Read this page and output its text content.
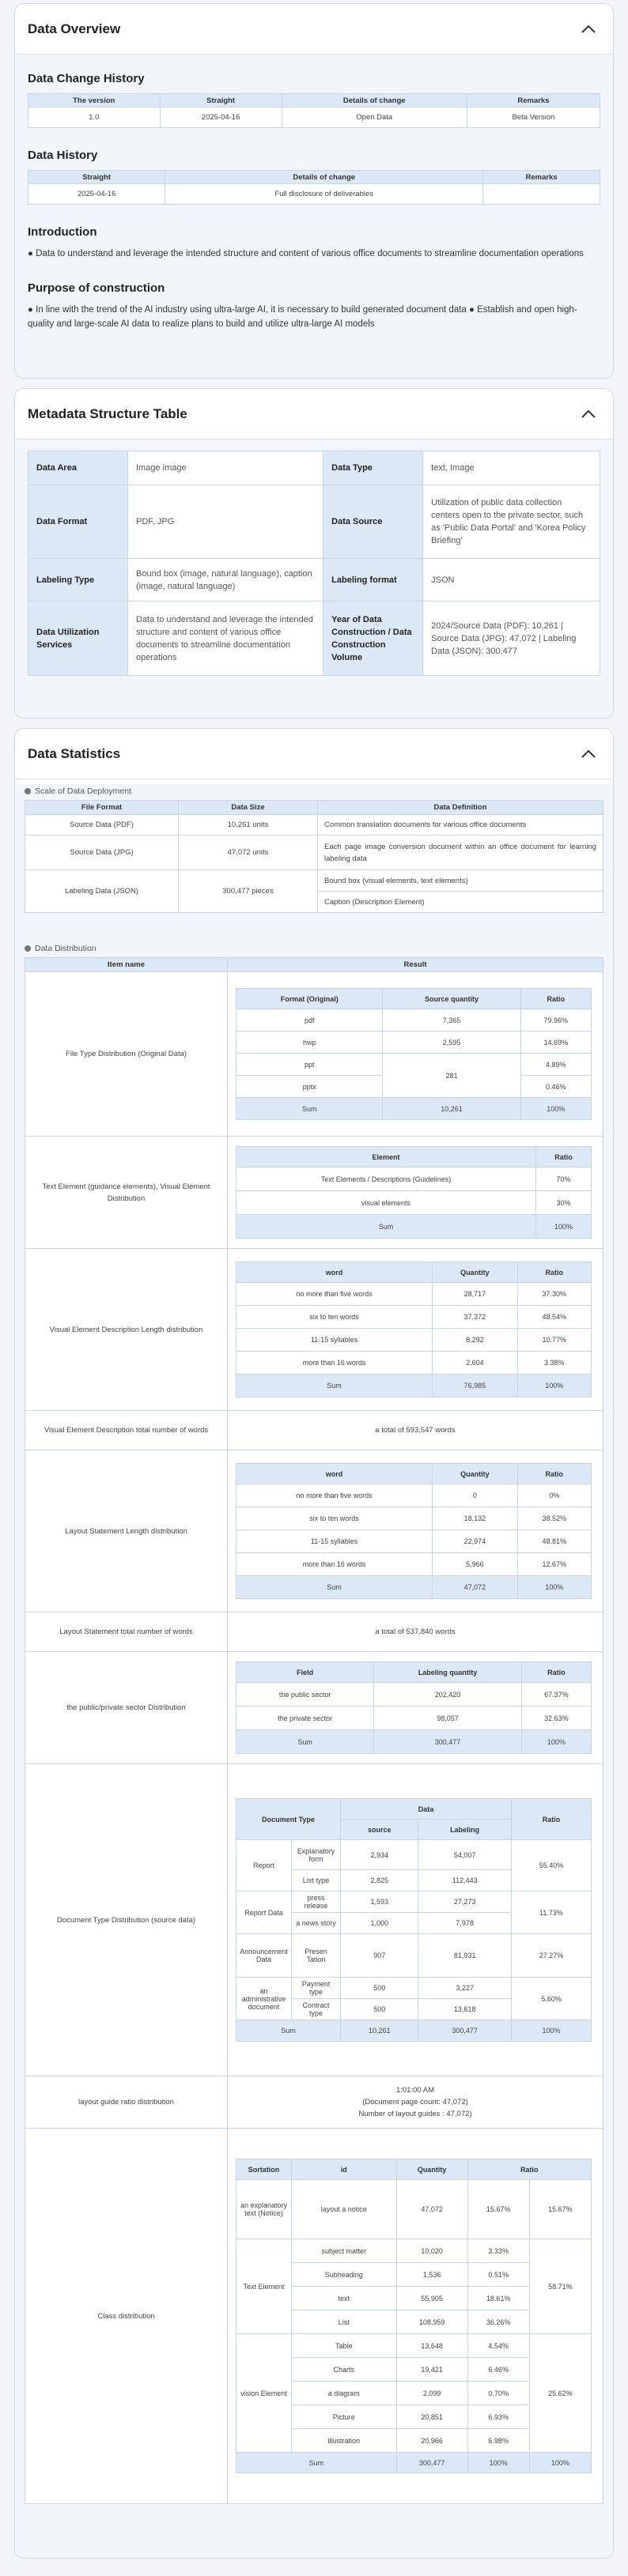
Data Overview
Data Change History
The version	Straight	Details of change	Remarks
1.0	2025-04-16	Open Data	Beta Version
Data History
Straight	Details of change	Remarks
2025-04-16	Full disclosure of deliverables	
Introduction

● Data to understand and leverage the intended structure and content of various office documents to streamline documentation operations

Purpose of construction

● In line with the trend of the AI industry using ultra-large AI, it is necessary to build generated document data ● Establish and open high-quality and large-scale AI data to realize plans to build and utilize ultra-large AI models

Metadata Structure Table
Data Area	Image image	Data Type	text, Image
Data Format	PDF, JPG	Data Source	Utilization of public data collection centers open to the private sector, such as 'Public Data Portal' and 'Korea Policy Briefing'
Labeling Type	Bound box (image, natural language), caption (image, natural language)	Labeling format	JSON
Data Utilization Services	Data to understand and leverage the intended structure and content of various office documents to streamline documentation operations	Year of Data Construction / Data Construction Volume	2024/Source Data (PDF): 10,261 | Source Data (JPG): 47,072 | Labeling Data (JSON): 300,477
Data Statistics
Scale of Data Deployment
File Format	Data Size	Data Definition
Source Data (PDF)	10,261 units	Common translation documents for various office documents
Source Data (JPG)	47,072 units	Each page image conversion document within an office document for learning labeling data
Labeling Data (JSON)	300,477 pieces	Bound box (visual elements, text elements)
		Caption (Description Element)
Data Distribution
Item name	Result
File Type Distribution (Original Data)	
Format (Original)	Source quantity	Ratio
pdf	7,365	79.96%
hwp	2,595	14.69%
ppt	281	4.89%
pptx	0.46%
Sum	10,261	100%

Text Element (guidance elements), Visual Element Distribution	
Element	Ratio
Text Elements / Descriptions (Guidelines)	70%
visual elements	30%
Sum	100%

Visual Element Description Length distribution	
word	Quantity	Ratio
no more than five words	28,717	37.30%
six to ten words	37,372	48.54%
11-15 syllables	8,292	10.77%
more than 16 words	2,604	3.38%
Sum	76,985	100%

Visual Element Description total number of words	a total of 593,547 words
Layout Statement Length distribution	
word	Quantity	Ratio
no more than five words	0	0%
six to ten words	18,132	38.52%
11-15 syllables	22,974	48.81%
more than 16 words	5,966	12.67%
Sum	47,072	100%

Layout Statement total number of words	a total of 537,840 words
the public/private sector Distribution	
Field	Labeling quantity	Ratio
the public sector	202,420	67.37%
the private sector	98,057	32.63%
Sum	300,477	100%

Document Type Distribution (source data)	
Document Type	Data	Ratio
source	Labeling
Report	Explanatory form	2,934	54,007	55.40%
List type	2,825	112,443
Report Data	press release	1,593	27,273	11.73%
a news story	1,000	7,978
Announcement Data	Presen Tation	907	81,931	27.27%
an administrative document	Payment type	500	3,227	5.60%
Contract type	500	13,618
Sum	10,261	300,477	100%

layout guide ratio distribution	
1:01:00 AM
(Document page count: 47,072)
Number of layout guides : 47,072)

Class distribution	
Sortation	id	Quantity	Ratio
an explanatory text (Notice)	layout a notice	47,072	15.67%	15.67%
Text Element	subject matter	10,020	3.33%	58.71%
Subheading	1,536	0.51%
text	55,905	18.61%
List	108,959	36.26%
vision Element	Table	13,648	4.54%	25.62%
Charts	19,421	6.46%
a diagram	2,099	0.70%
Picture	20,851	6.93%
illustration	20,966	6.98%
Sum	300,477	100%	100%
